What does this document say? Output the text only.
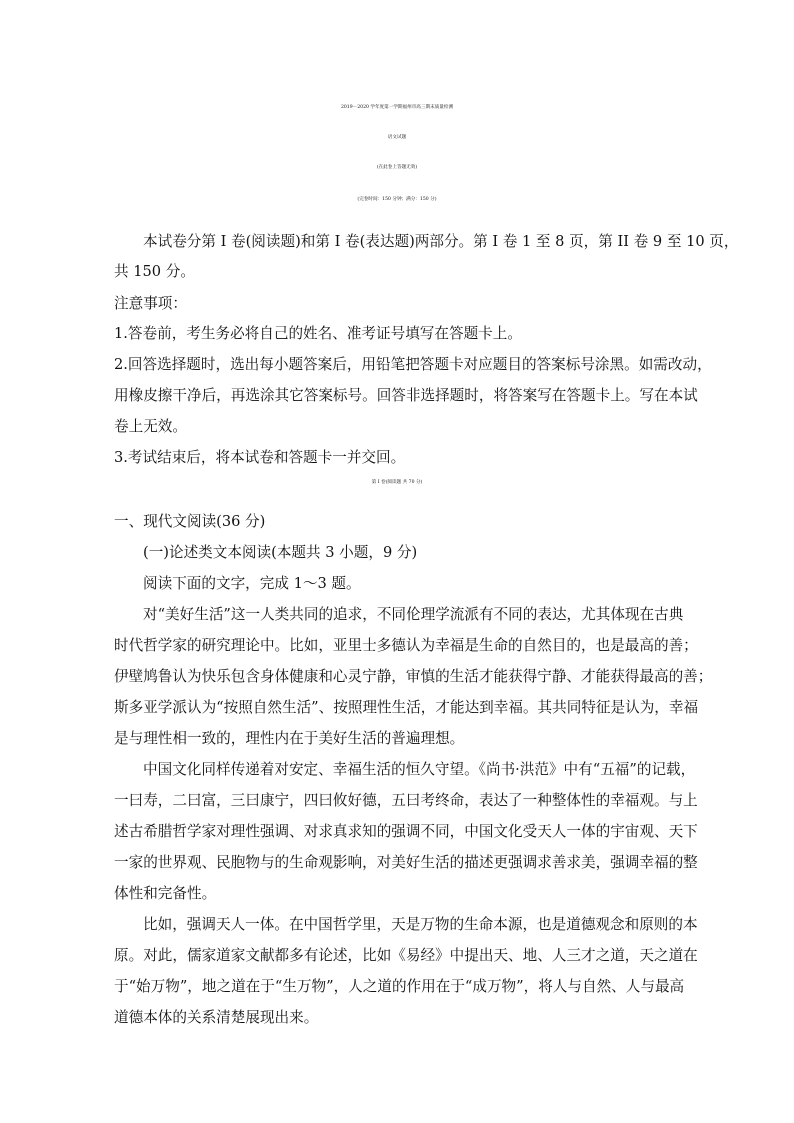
2019－2020 学年度第一学期福州市高三期末质量检测
语文试题
(在此卷上答题无效)
(完卷时间：150 分钟；满分：150 分)
本试卷分第 I 卷(阅读题)和第 I 卷(表达题)两部分。第 I 卷 1 至 8 页，第 II 卷 9 至 10 页，
共 150 分。
注意事项：
1.答卷前，考生务必将自己的姓名、准考证号填写在答题卡上。
2.回答选择题时，选出每小题答案后，用铅笔把答题卡对应题目的答案标号涂黑。如需改动，
用橡皮擦干净后，再选涂其它答案标号。回答非选择题时，将答案写在答题卡上。写在本试
卷上无效。
3.考试结束后，将本试卷和答题卡一并交回。
第 I 卷(阅读题 共 70 分)
一、现代文阅读(36 分)
(一)论述类文本阅读(本题共 3 小题，9 分)
阅读下面的文字，完成 1～3 题。
对“美好生活”这一人类共同的追求，不同伦理学流派有不同的表达，尤其体现在古典
时代哲学家的研究理论中。比如，亚里士多德认为幸福是生命的自然目的，也是最高的善；
伊壁鸠鲁认为快乐包含身体健康和心灵宁静，审慎的生活才能获得宁静、才能获得最高的善；
斯多亚学派认为“按照自然生活”、按照理性生活，才能达到幸福。其共同特征是认为，幸福
是与理性相一致的，理性内在于美好生活的普遍理想。
中国文化同样传递着对安定、幸福生活的恒久守望。《尚书·洪范》中有“五福”的记载，
一曰寿，二曰富，三曰康宁，四曰攸好德，五曰考终命，表达了一种整体性的幸福观。与上
述古希腊哲学家对理性强调、对求真求知的强调不同，中国文化受天人一体的宇宙观、天下
一家的世界观、民胞物与的生命观影响，对美好生活的描述更强调求善求美，强调幸福的整
体性和完备性。
比如，强调天人一体。在中国哲学里，天是万物的生命本源，也是道德观念和原则的本
原。对此，儒家道家文献都多有论述，比如《易经》中提出天、地、人三才之道，天之道在
于“始万物”，地之道在于“生万物”，人之道的作用在于“成万物”，将人与自然、人与最高
道德本体的关系清楚展现出来。
